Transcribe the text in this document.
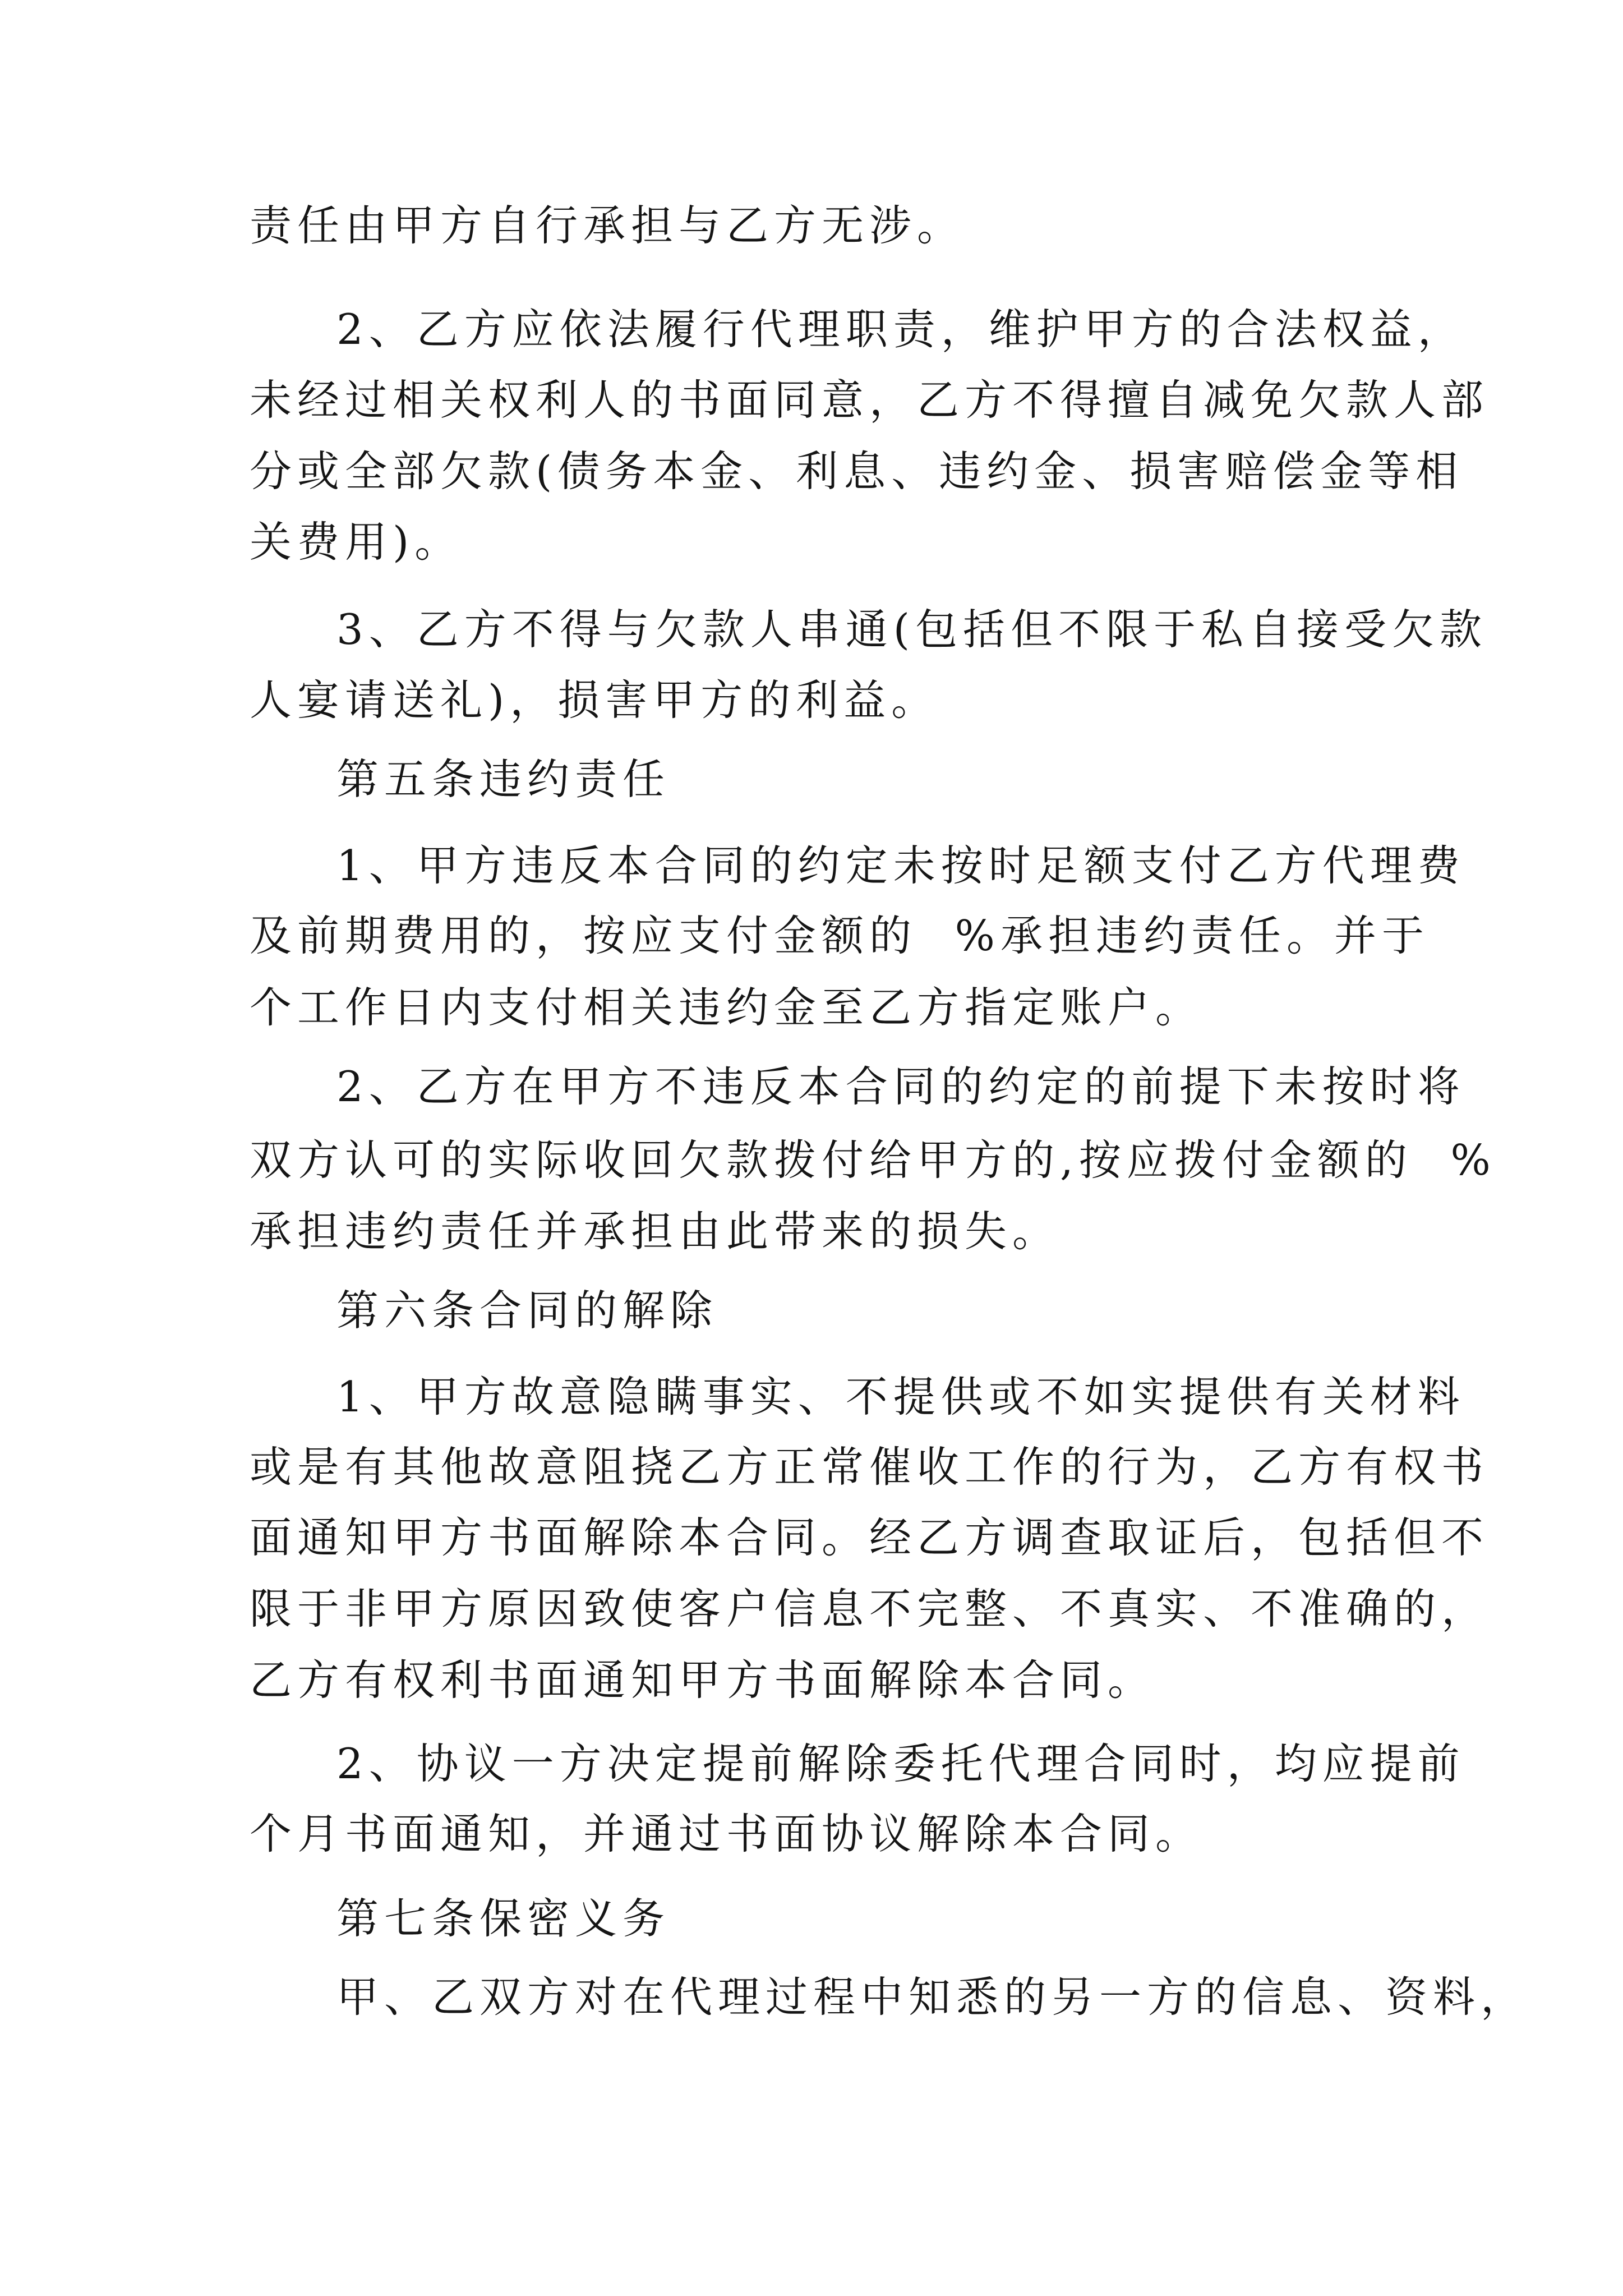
责任由甲方自行承担与乙方无涉。
2、乙方应依法履行代理职责，维护甲方的合法权益，
未经过相关权利人的书面同意，乙方不得擅自减免欠款人部
分或全部欠款(债务本金、利息、违约金、损害赔偿金等相
关费用)。
3、乙方不得与欠款人串通(包括但不限于私自接受欠款
人宴请送礼)，损害甲方的利益。
第五条违约责任
1、甲方违反本合同的约定未按时足额支付乙方代理费
及前期费用的，按应支付金额的  %承担违约责任。并于
个工作日内支付相关违约金至乙方指定账户。
2、乙方在甲方不违反本合同的约定的前提下未按时将
双方认可的实际收回欠款拨付给甲方的,按应拨付金额的  %
承担违约责任并承担由此带来的损失。
第六条合同的解除
1、甲方故意隐瞒事实、不提供或不如实提供有关材料
或是有其他故意阻挠乙方正常催收工作的行为，乙方有权书
面通知甲方书面解除本合同。经乙方调查取证后，包括但不
限于非甲方原因致使客户信息不完整、不真实、不准确的，
乙方有权利书面通知甲方书面解除本合同。
2、协议一方决定提前解除委托代理合同时，均应提前
个月书面通知，并通过书面协议解除本合同。
第七条保密义务
甲、乙双方对在代理过程中知悉的另一方的信息、资料，
